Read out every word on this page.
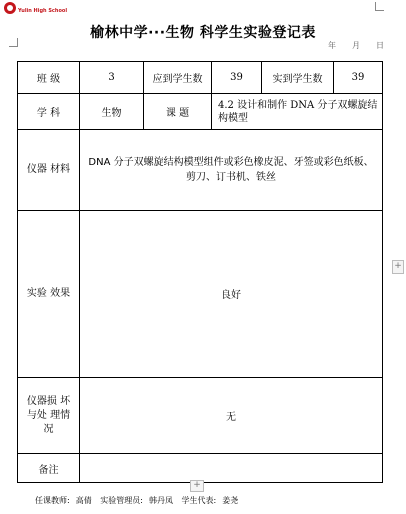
Yulin High School
榆林中学···生物 科学生实验登记表
年　　月　　日
班 级	3	应到学生数	39	实到学生数	39
学 科	生物	课 题	4.2 设计和制作 DNA 分子双螺旋结构模型		

仪器 材料	DNA 分子双螺旋结构模型组件或彩色橡皮泥、牙签或彩色纸板、剪刀、订书机、铁丝				
实验 效果	良好				
仪器损 坏与处 理情况	无				
备注					
+
+
任课教师: 高倩 实验管理员: 韩丹凤 学生代表: 姜尧
